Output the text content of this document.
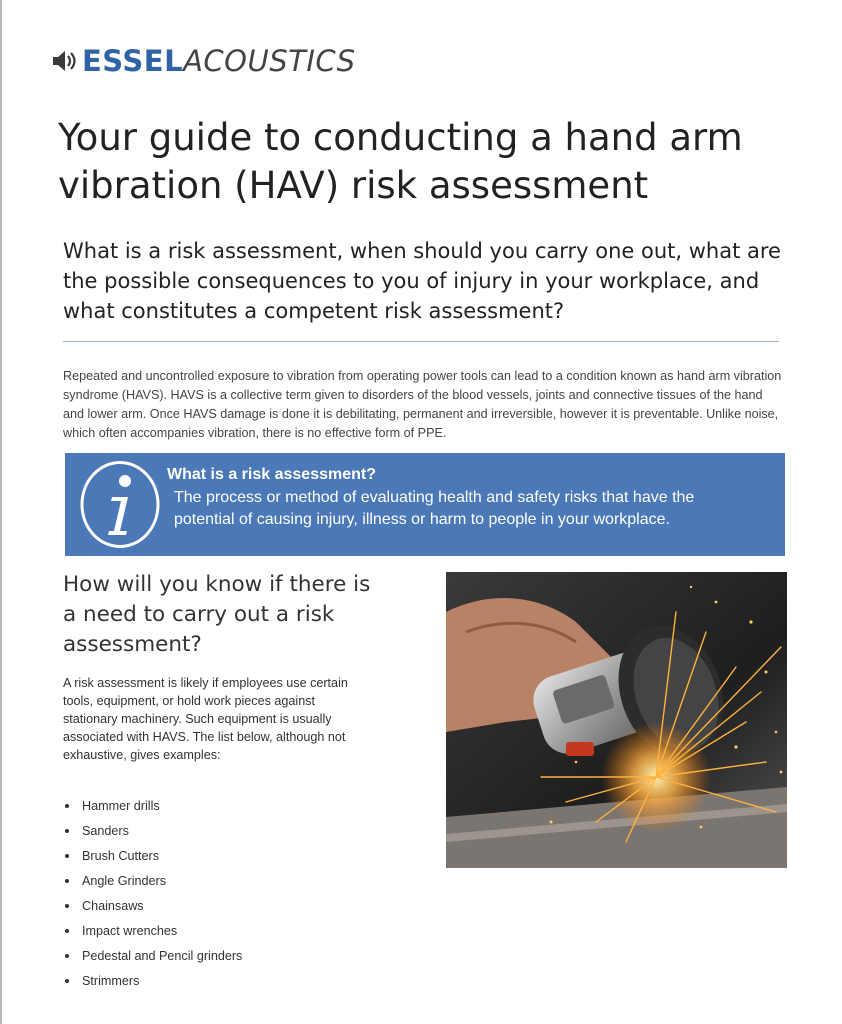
ESSEL ACOUSTICS
Your guide to conducting a hand arm vibration (HAV) risk assessment
What is a risk assessment, when should you carry one out, what are the possible consequences to you of injury in your workplace, and what constitutes a competent risk assessment?

Repeated and uncontrolled exposure to vibration from operating power tools can lead to a condition known as hand arm vibration syndrome (HAVS). HAVS is a collective term given to disorders of the blood vessels, joints and connective tissues of the hand and lower arm. Once HAVS damage is done it is debilitating, permanent and irreversible, however it is preventable. Unlike noise, which often accompanies vibration, there is no effective form of PPE.

What is a risk assessment?

The process or method of evaluating health and safety risks that have the potential of causing injury, illness or harm to people in your workplace.

How will you know if there is a need to carry out a risk assessment?

A risk assessment is likely if employees use certain tools, equipment, or hold work pieces against stationary machinery. Such equipment is usually associated with HAVS. The list below, although not exhaustive, gives examples:

Hammer drills
Sanders
Brush Cutters
Angle Grinders
Chainsaws
Impact wrenches
Pedestal and Pencil grinders
Strimmers
